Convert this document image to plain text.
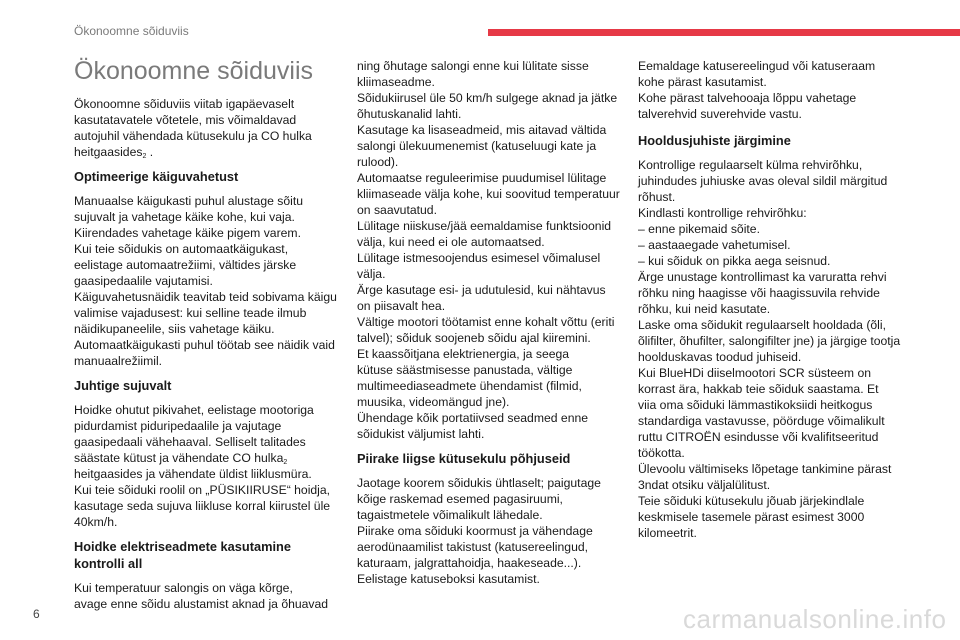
Ökonoomne sõiduviis
Ökonoomne sõiduviis
Ökonoomne sõiduviis viitab igapäevaselt
kasutatavatele võtetele, mis võimaldavad
autojuhil vähendada kütusekulu ja CO hulka
heitgaasides$_2$ .
Optimeerige käiguvahetust
Manuaalse käigukasti puhul alustage sõitu
sujuvalt ja vahetage käike kohe, kui vaja.
Kiirendades vahetage käike pigem varem.
Kui teie sõidukis on automaatkäigukast,
eelistage automaatrežiimi, vältides järske
gaasipedaalile vajutamisi.
Käiguvahetusnäidik teavitab teid sobivama käigu
valimise vajadusest: kui selline teade ilmub
näidikupaneelile, siis vahetage käiku.
Automaatkäigukasti puhul töötab see näidik vaid
manuaalrežiimil.
Juhtige sujuvalt
Hoidke ohutut pikivahet, eelistage mootoriga
pidurdamist piduripedaalile ja vajutage
gaasipedaali vähehaaval. Selliselt talitades
säästate kütust ja vähendate CO hulka$_2$
heitgaasides ja vähendate üldist liiklusmüra.
Kui teie sõiduki roolil on „PÜSIKIIRUSE“ hoidja,
kasutage seda sujuva liikluse korral kiirustel üle
40km/h.
Hoidke elektriseadmete kasutamine
kontrolli all
Kui temperatuur salongis on väga kõrge,
avage enne sõidu alustamist aknad ja õhuavad
ning õhutage salongi enne kui lülitate sisse
kliimaseadme.
Sõidukiirusel üle 50 km/h sulgege aknad ja jätke
õhutuskanalid lahti.
Kasutage ka lisaseadmeid, mis aitavad vältida
salongi ülekuumenemist (katuseluugi kate ja
rulood).
Automaatse reguleerimise puudumisel lülitage
kliimaseade välja kohe, kui soovitud temperatuur
on saavutatud.
Lülitage niiskuse/jää eemaldamise funktsioonid
välja, kui need ei ole automaatsed.
Lülitage istmesoojendus esimesel võimalusel
välja.
Ärge kasutage esi- ja udutulesid, kui nähtavus
on piisavalt hea.
Vältige mootori töötamist enne kohalt võttu (eriti
talvel); sõiduk soojeneb sõidu ajal kiiremini.
Et kaassõitjana elektrienergia, ja seega
kütuse säästmisesse panustada, vältige
multimeediaseadmete ühendamist (filmid,
muusika, videomängud jne).
Ühendage kõik portatiivsed seadmed enne
sõidukist väljumist lahti.
Piirake liigse kütusekulu põhjuseid
Jaotage koorem sõidukis ühtlaselt; paigutage
kõige raskemad esemed pagasiruumi,
tagaistmetele võimalikult lähedale.
Piirake oma sõiduki koormust ja vähendage
aerodünaamilist takistust (katusereelingud,
katuraam, jalgrattahoidja, haakeseade...).
Eelistage katuseboksi kasutamist.
Eemaldage katusereelingud või katuseraam
kohe pärast kasutamist.
Kohe pärast talvehooaja lõppu vahetage
talverehvid suverehvide vastu.
Hooldusjuhiste järgimine
Kontrollige regulaarselt külma rehvirõhku,
juhindudes juhiuske avas oleval sildil märgitud
rõhust.
Kindlasti kontrollige rehvirõhku:
– enne pikemaid sõite.
– aastaaegade vahetumisel.
– kui sõiduk on pikka aega seisnud.
Ärge unustage kontrollimast ka varuratta rehvi
rõhku ning haagisse või haagissuvila rehvide
rõhku, kui neid kasutate.
Laske oma sõidukit regulaarselt hooldada (õli,
õlifilter, õhufilter, salongifilter jne) ja järgige tootja
hoolduskavas toodud juhiseid.
Kui BlueHDi diiselmootori SCR süsteem on
korrast ära, hakkab teie sõiduk saastama. Et
viia oma sõiduki lämmastikoksiidi heitkogus
standardiga vastavusse, pöörduge võimalikult
ruttu CITROËN esindusse või kvalifitseeritud
töökotta.
Ülevoolu vältimiseks lõpetage tankimine pärast
3ndat otsiku väljalülitust.
Teie sõiduki kütusekulu jõuab järjekindlale
keskmisele tasemele pärast esimest 3000
kilomeetrit.
6	carmanualsonline.info
